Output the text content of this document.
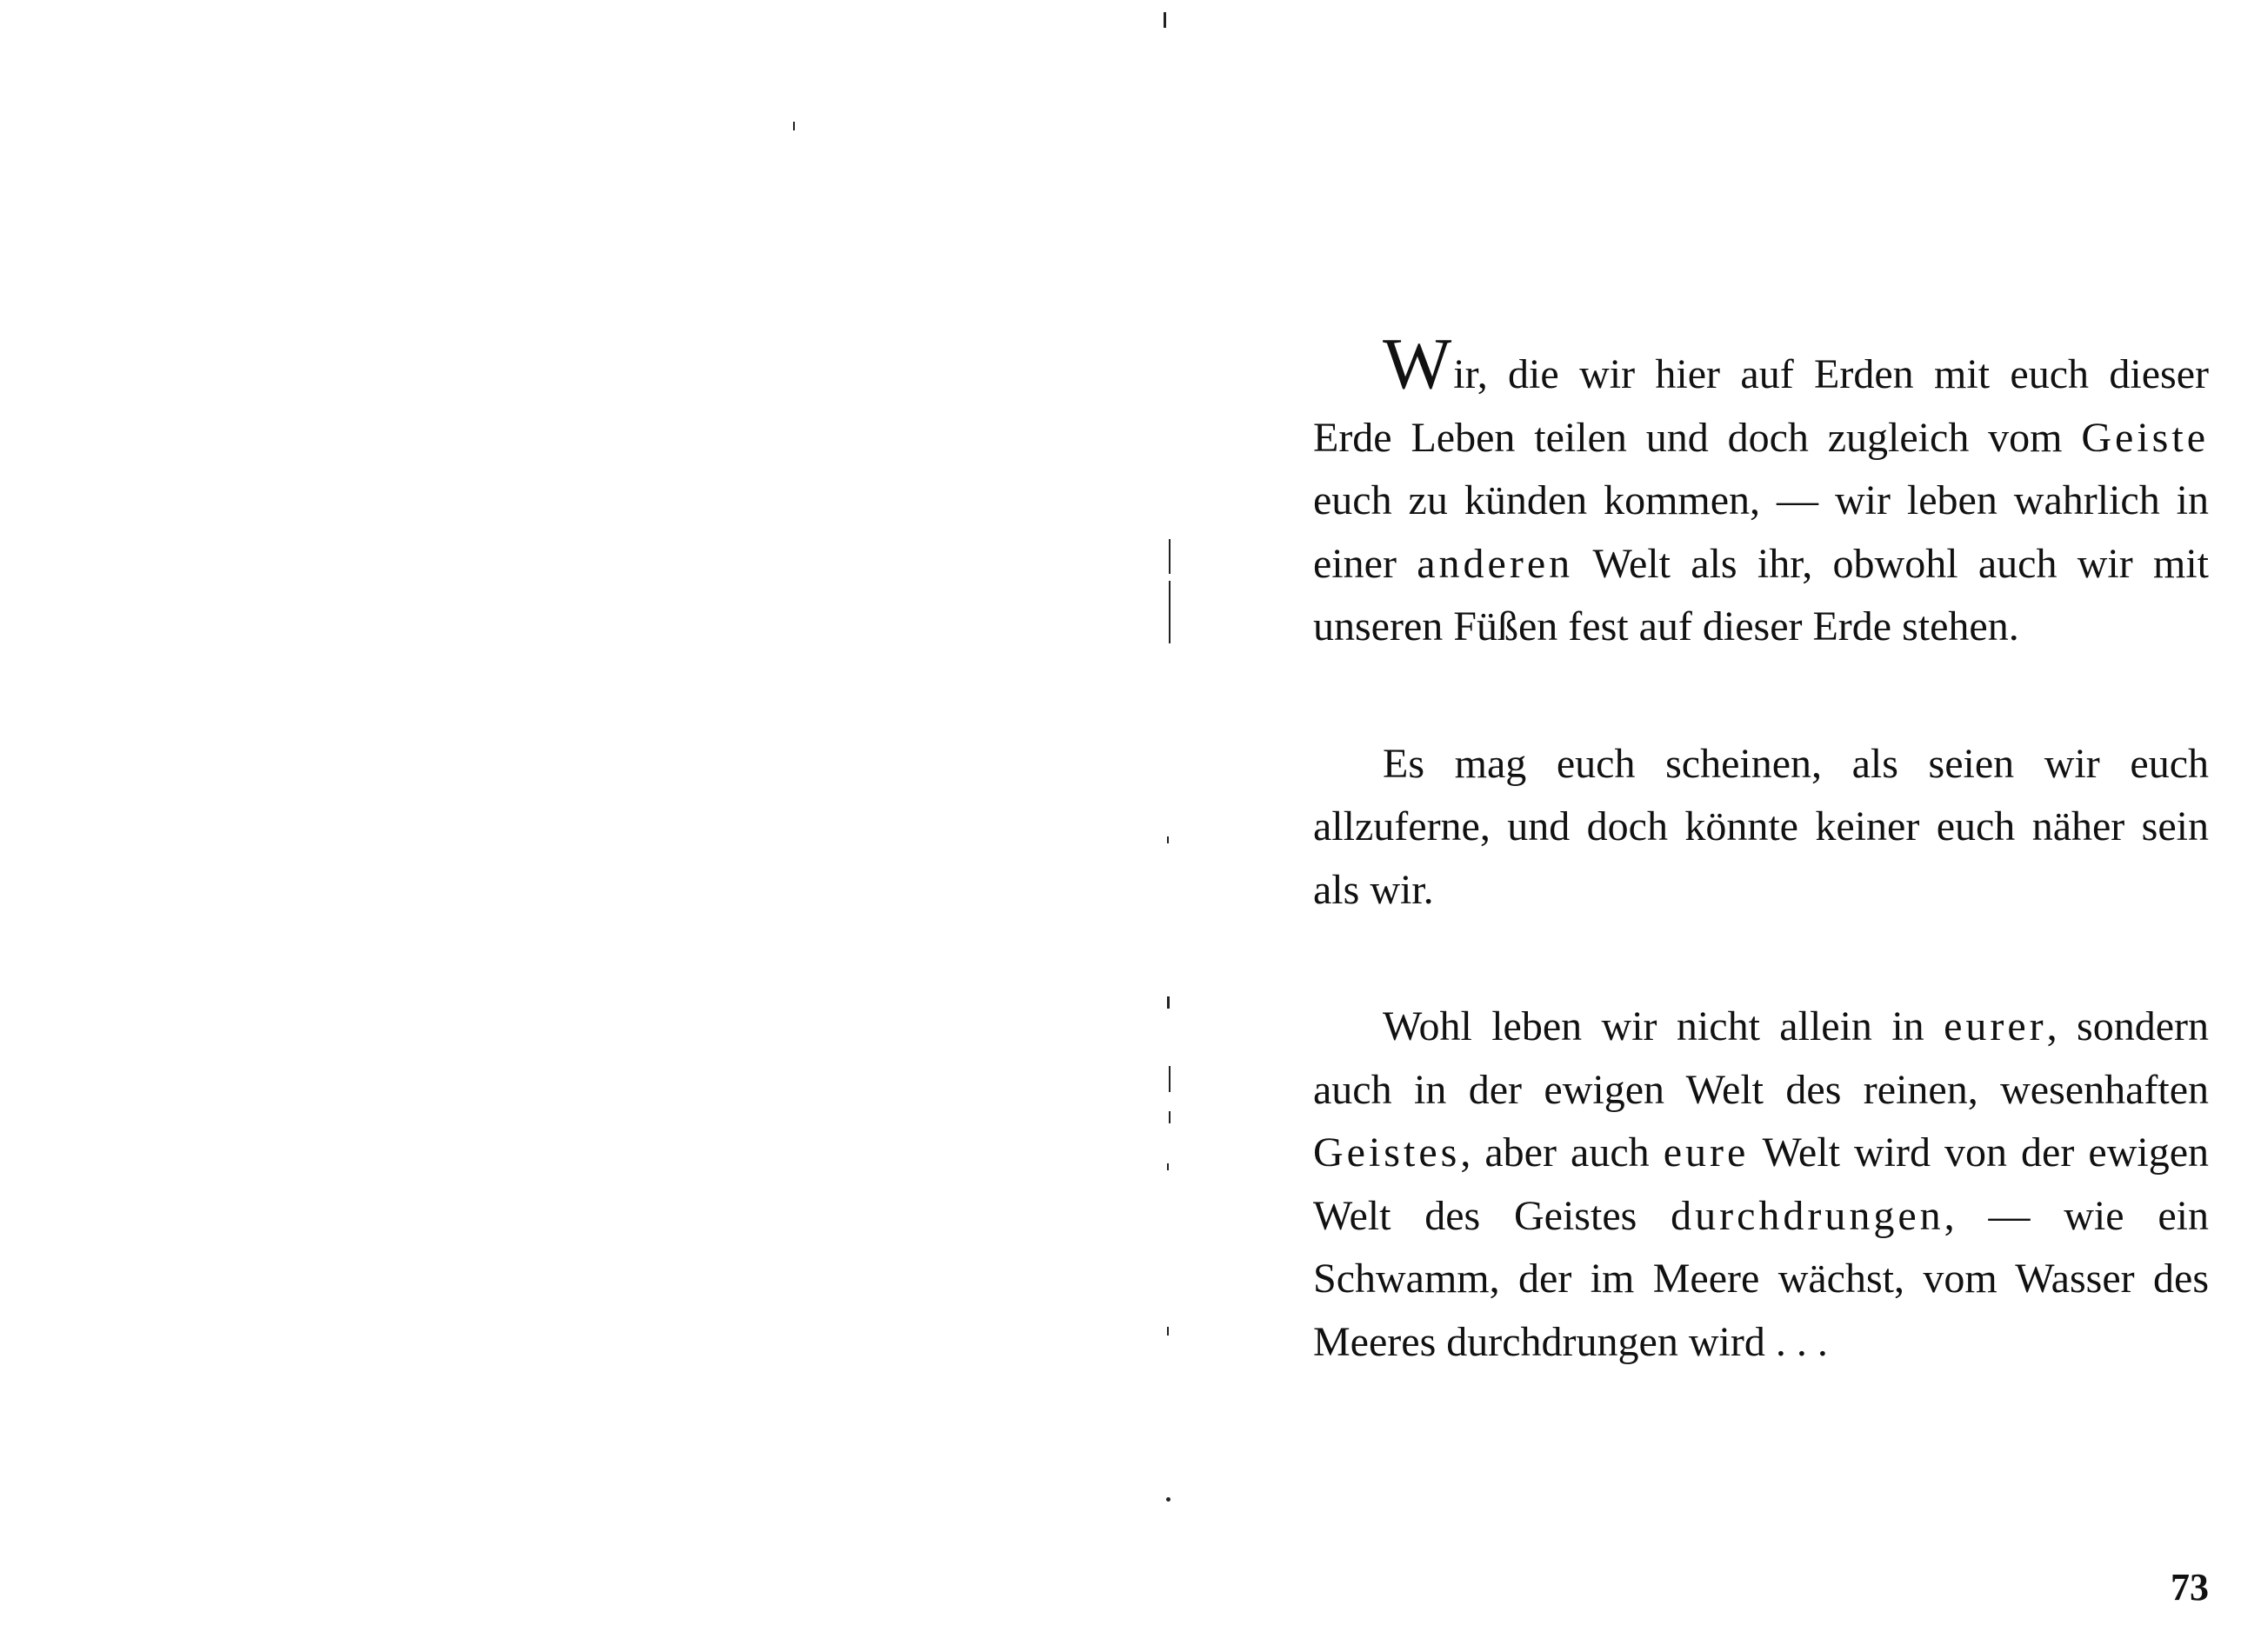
Wir, die wir hier auf Erden mit euch dieser Erde Leben teilen und doch zugleich vom Geiste euch zu künden kommen, — wir leben wahrlich in einer anderen Welt als ihr, obwohl auch wir mit unseren Füßen fest auf dieser Erde stehen.

Es mag euch scheinen, als seien wir euch allzuferne, und doch könnte keiner euch näher sein als wir.

Wohl leben wir nicht allein in eurer, sondern auch in der ewigen Welt des reinen, wesenhaften Geistes, aber auch eure Welt wird von der ewigen Welt des Geistes durchdrungen, — wie ein Schwamm, der im Meere wächst, vom Wasser des Meeres durchdrungen wird . . .

73
